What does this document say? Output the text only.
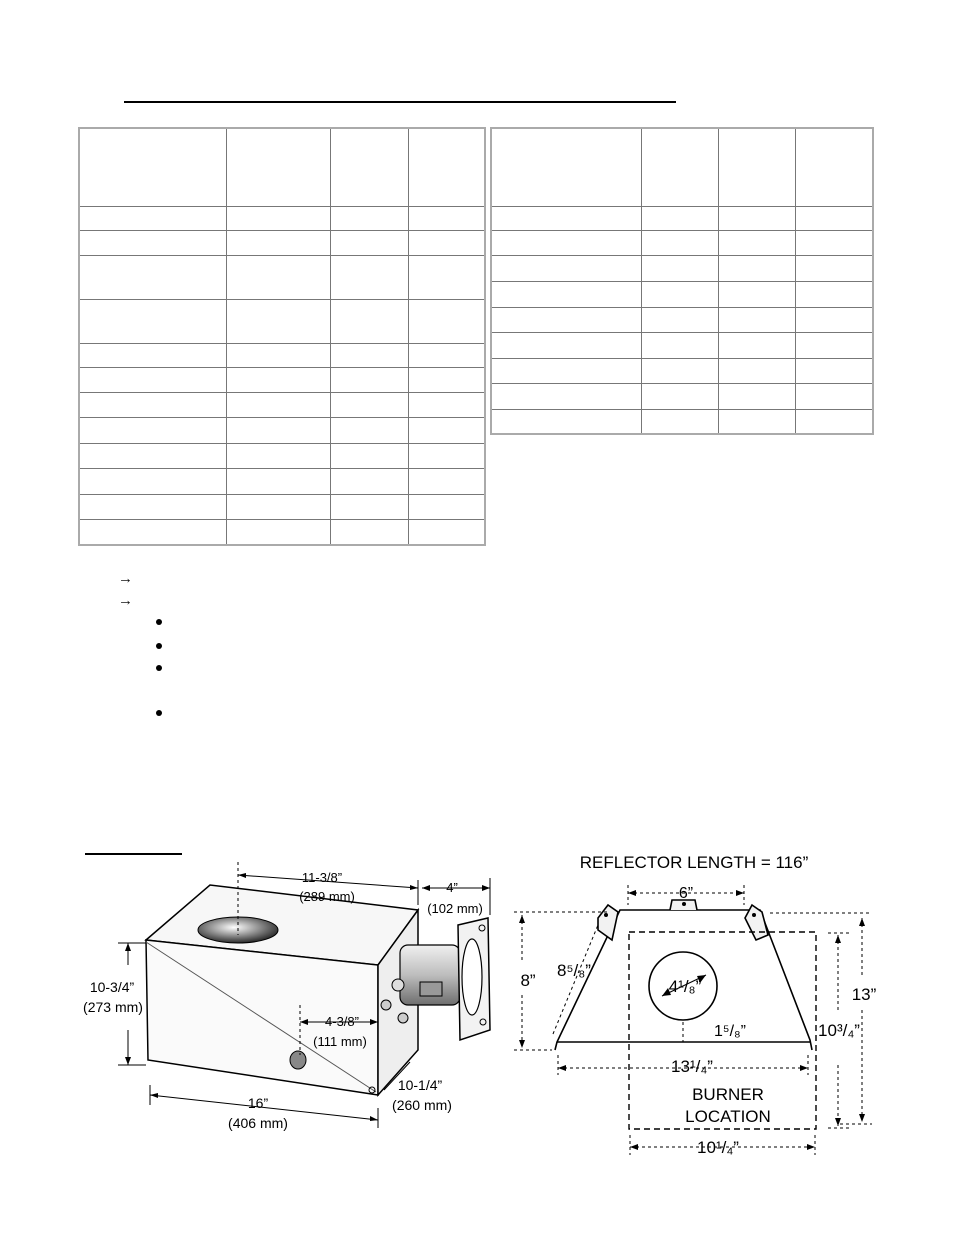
→
→
11-3/8”
(289 mm)
4”
(102 mm)
10-3/4”
(273 mm)
4-3/8”
(111 mm)
10-1/4”
(260 mm)
16”
(406 mm)
REFLECTOR LENGTH = 116”
6”
8”
8⁵/₈”
4¹/₈”
1⁵/₈”
13¹/₄”
BURNER
LOCATION
10¹/₄”
10³/₄”
13”
